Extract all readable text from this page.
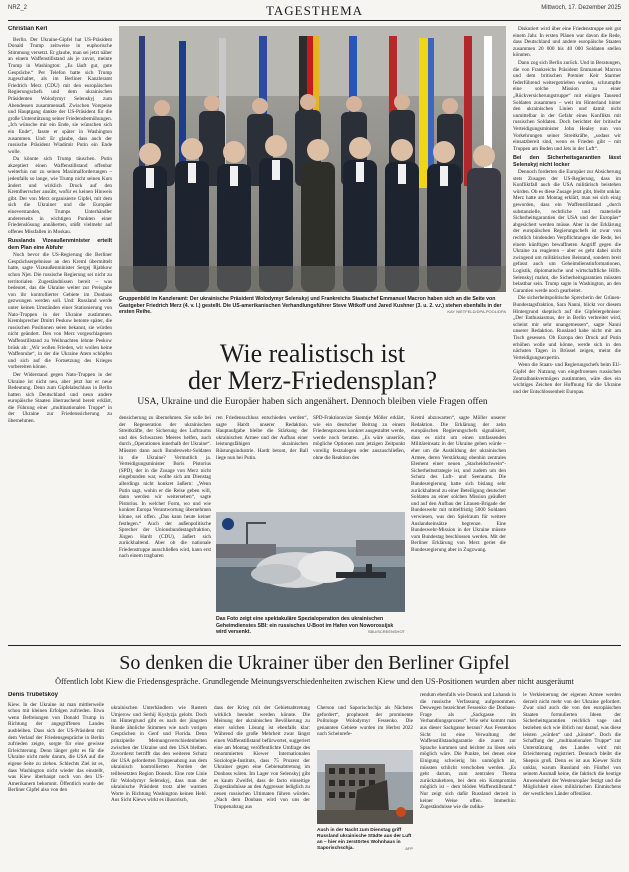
NRZ_2	TAGESTHEMA	Mittwoch, 17. Dezember 2025
Christian Kerl

Berlin. Der Ukraine-Gipfel hat US-Präsident Donald Trump zeitweise in euphorische Stimmung versetzt. Er glaube, man sei jetzt näher an einem Waffenstillstand als je zuvor, meinte Trump in Washington: „Es läuft gut, gute Gespräche.“ Per Telefon hatte sich Trump zugeschaltet, als im Berliner Kanzleramt Friedrich Merz (CDU) mit den europäischen Regierungschefs und dem ukrainischen Präsidenten Wolodymyr Selenskyj zum Abendessen zusammensaß. Zwischen Vorspeise und Hauptgang dankte der US-Präsident für die große Unterstützung seiner Friedensbemühungen. „Ich wünsche mir ein Ende, sie wünschen sich ein Ende“, fasste er später in Washington zusammen. Und: Er glaube, dass auch der russische Präsident Wladimir Putin ein Ende wolle.

Da könnte sich Trump täuschen. Putin akzeptiert einen Waffenstillstand offenbar weiterhin nur zu seinen Maximalforderungen – jedenfalls so lange, wie Trump nicht seinen Kurs ändert und wirklich Druck auf den Kremlherrscher ausübt, wofür es keinen Hinweis gibt. Der von Merz organisierte Gipfel, mit dem sich die Ukrainer und die Europäer eineverstanden, Trumps Unterhändler andererseits in wichtigen Punkten einer Friedenslösung annäherten, stößt vielmehr auf offenes Missfallen in Moskau.

Russlands Vizeaußenminister erteilt dem Plan eine Abfuhr

Noch bevor die US-Regierung die Berliner Gesprächsergebnisse an den Kreml übermittelt hatte, sagte Vizeaußenminister Sergej Rjabkow schon Njet. Die russische Regierung sei nicht zu territorialen Zugeständnissen bereit – was bedeutet, das die Ukraine weiter zur Preisgabe von ihr kontrollierter Gebiete im Donbass gezwungen werden soll. Und: Russland werde unter keinen Umständen einer Stationierung von Nato-Truppen in der Ukraine zustimmen. Kremlsprecher Dmitri Peskow betonte später, die russischen Positionen seien bekannt, sie würden nicht geändert. Den von Merz vorgeschlagenen Waffenstillstand zu Weihnachten lehnte Peskow brüsk ab: „Wir wollen Frieden, wir wollen keine Waffenruhe“, in der die Ukraine Atem schöpfen und sich auf die Fortsetzung des Krieges vorbereiten könne.

Der Widerstand gegen Nato-Truppen in der Ukraine ist nicht neu, aber jetzt hat er neue Bedeutung. Denn zum Gipfelabschluss in Berlin hatten sich Deutschland und neun andere europäische Staaten überraschend bereit erklärt, die Führung einer „multinationalen Truppe“ in der Ukraine zur Friedenssicherung zu übernehmen.

Gruppenbild im Kanzleramt: Der ukrainische Präsident Wolodymyr Selenskyj und Frankreichs Staatschef Emmanuel Macron haben sich an die Seite von Gastgeber Friedrich Merz (4. v. l.) gestellt. Die US-amerikanischen Verhandlungsführer Steve Witkoff und Jared Kushner (3. u. 2. v.r.) stehen ebenfalls in der ersten Reihe.	KAY NIETFELD/DPA-POOL/DPA
Wie realistisch ist
der Merz-Friedensplan?
USA, Ukraine und die Europäer haben sich angenähert. Dennoch bleiben viele Fragen offen

densicherung zu übernehmen. Sie solle bei der Regeneration der ukrainischen Streitkräfte, der Sicherung des Luftraums und des Schwarzen Meeres helfen, auch durch „Operationen innerhalb der Ukraine“. Müssten dann auch Bundeswehr-Soldaten in die Ukraine? Vermutlich ja. Verteidigungsminister Boris Pistorius (SPD), der in die Zusage von Merz nicht eingebunden war, wollte sich am Dienstag allerdings nicht konkret äußern: „Wenn Putin sagt, wohin er die Reise geben will, dann werden wir weitersehen“, sagte Pistorius. In welcher Form, wo und wie konkret Europa Verantwortung übernehmen könne, sei offen. „Das kann heute keiner festlegen.“ Auch der außenpolitische Sprecher der Unionsbundestagsfraktion, Jürgen Hardt (CDU), äußert sich zurückhaltend. Aber ob die nationale Friedenstruppe ausschließen wird, kann erst nach einem tragbaren

ren Friedensschluss entschieden werden“, sagte Hardt unserer Redaktion. Hauptaufgabe bleibe die Stärkung der ukrainischen Armee und der Aufbau einer leistungsfähigen ukrainischen Rüstungsindustrie. Hardt betont, der Ball liege nun bei Putin.

SPD-Fraktionsvize Siemtje Möller erklärt, wie ein deutscher Beitrag zu einem Friedensprozess konkret ausgestaltet werde, werde noch beraten. „Es wäre unseriös, mögliche Optionen zum jetzigen Zeitpunkt voreilig festzulegen oder auszuschließen, ohne die Reaktion des

Das Foto zeigt eine spektakuläre Spezialoperation des ukrainischen Geheimdienstes SBI: ein russisches U-Boot im Hafen von Noworossijsk wird versenkt.	SBU/SCREENSHOT

Kreml abzuwarten“, sagte Möller unserer Redaktion. Die Erklärung der zehn europäischen Regierungschefs signalisiert, dass es nicht um einen umfassenden Militäreinsatz in der Ukraine gehen würde – eher um die Ausbildung der ukrainischen Armee, deren Verstärkung obenhin zentrales Element einer neuen „Stacheldschwein“-Sicherheitsstrategie ist, und zudem um den Schutz des Luft- und Seeraums. Die Bundesregierung hatte sich bislang sehr zurückhaltend zu einer Beteiligung deutscher Soldaten an einer solchen Mission geäußert und auf den Aufbau der Litauen-Brigade der Bundeswehr mit mittelfristig 5000 Soldaten verwiesen, was den Spielraum für weitere Auslandseinsätze begrenze. Eine Bundeswehr-Mission in der Ukraine müsste vom Bundestag beschlossen werden. Mit der Berliner Erklärung von Merz geriet die Bundesregierung aber in Zugzwang.

Diskutiert wird über eine Friedenstruppe seit gut einem Jahr. In ersten Plänen war davon die Rede, dass Deutschland und andere europäische Staaten zusammen 20 000 bis 40 000 Soldaten stellen könnten.

Dann zog sich Berlin zurück. Und in Beratungen, die von Frankreichs Präsident Emmanuel Macron und dem britischen Premier Keir Starmer federführend weitergetrieben wurden, schrumpfte eine solche Mission zu einer „Rückversicherungstruppe“ mit einigen Tausend Soldaten zusammen – weit im Hinterland hinter den ukrainischen Linien und damit nicht unmittelbar in der Gefahr eines Konflikts mit russischen Soldaten. Doch berichtet der britische Verteidigungsminister John Healey nun von Vorkehrungen seiner Streitkräfte, „sodass wir einsatzbereit sind, wenn es Frieden gibt – mit Truppen am Boden und Jets in der Luft“.

Bei den Sicherheitsgarantien lässt Selenskyj nicht locker

Dennoch forderten die Europäer zur Absicherung stets Zusagen der US-Regierung, dass im Konfliktfall auch die USA militärisch beistehen würden. Ob es diese Zusage jetzt gibt, bleibt unklar. Merz hatte am Montag erklärt, man sei sich einig geworden, dass ein Waffenstillstand „durch substanzielle, rechtliche und materielle Sicherheitsgarantien der USA und der Europäer“ abgesichert werden müsse. Aber in der Erklärung der europäischen Regierungschefs ist zwar von rechtlich bindenden Verpflichtungen die Rede, bei einem künftigen bewaffneten Angriff gegen die Ukraine zu reagieren – aber es geht dabei nicht zwingend um militärischen Beistand, sondern breit gefasst auch um Geheimdienstinformationen, Logistik, diplomatische und wirtschaftliche Hilfe. Selenskyj mahnt, die Sicherheitsgarantien müssten belastbar sein. Trump sagte in Washington, an den Garantien werde noch gearbeitet.

Die sicherheitspolitische Sprecherin der Grünen-Bundestagsfraktion, Sara Nanni, blickt vor diesem Hintergrund skeptisch auf die Gipfelergebnisse: „Der Enthusiasmus, der in Berlin verbreitet wird, scheint mir sehr unangemessen“, sagte Nanni unserer Redaktion. Russland habe nicht mit am Tisch gesessen. Ob Europa den Druck auf Putin erhöhen wolle und könne, werde sich in den nächsten Tagen in Brüssel zeigen, meint die Verteidigungsexpertin.

Wenn die Staats- und Regierungschefs beim EU-Gipfel der Nutzung von eingefrorenen russischen Zentralbankvermögen zustimmten, wäre dies ein wichtiges Zeichen der Hoffnung für die Ukraine und der Entschlossenheit Europas.

So denken die Ukrainer über den Berliner Gipfel
Öffentlich lobt Kiew die Friedensgespräche. Grundlegende Meinungsverschiedenheiten zwischen Kiew und den US-Positionen wurden aber nicht ausgeräumt
Denis Trubetskoy

Kiew. In der Ukraine ist man mittlerweile schon mit kleinen Erfolgen zufrieden. Etwa wenn Befreiungen von Donald Trump in Richtung der angegriffenen Landes ausbleiben. Dass sich der US-Präsident mit dem Verlauf der Friedensgespräche in Berlin zufrieden zeigte, sorgte für eine gewisse Erleichterung. Denn länger geht es für die Ukraine nicht mehr darum, die USA auf die eigene Seite zu ziehen. Schlechts Ziel ist es, dass Washington nicht wieder das einstellt, was Kiew überhaupt noch von den US-Amerikanern bekommt. Öffentlich wurde der Berliner Gipfel also von den

ukrainischen Unterhändlern wie Rustem Umjerow und Serhij Kyslyzja gelobt. Doch im Hintergrund gibt es nach der jüngsten Runde ähnliche Stimmen wie nach vorigen Gesprächen in Genf und Florida. Denn prinzipielle Meinungsverschiedenheiten zwischen der Ukraine und den USA bleiben. Zuvorderst betrifft das den weiteren Schutz der USA geforderten Truppenabzug aus dem ukrainisch kontrollierten Norden der teilbesetzten Region Donezk. Eine rote Linie für Wolodymyr Selenskyj, dass man der ukrainische Präsident trotz aller warmen Worte in Richtung Washington keinen Hehl. Aus Sicht Kiews wirkt es illusorisch,

dass der Krieg mit der Gebietsabtretung wirklich beendet werden könnte. Die Meinung der ukrainischen Bevölkerung zu einer solchen Lösung ist ebenfalls klar: Während die große Mehrheit zwar längst einen Waffenstillstand befürwortet, suggeriert eine am Montag veröffentlichte Umfrage des renommierten Kiewer Internationalen Soziologie-Instituts, dass 75 Prozent der Ukrainer gegen eine Gebietsabtretung im Donbass wären. Im Lager von Selenskyj gibt es kaum Zweifel, dass de facto einseitige Zugeständnisse an den Aggressor lediglich zu neuen russischen Ultimaten führen würden. „Nach dem Donbass wird von uns der Truppenabzug aus

Cherson und Saporischschja als Nächstes gefordert“, prophezeit der prominente Politologe Wolodymyr Fessenko. Die genannten Gebiete wurden im Herbst 2022 nach Scheinrefe-

Auch in der Nacht zum Dienstag griff Russland ukrainische Städte aus der Luft an – hier ein zerstörtes Wohnhaus in Saporischschja.	AFP

rendum ebenfalls wie Donezk und Luhansk in die russische Verfassung aufgenommen. Deswegen bezeichnet Fessenko die Donbass-Frage als „Sackgasse im Verhandlungsprozess“. Wie sehr kommt man aus dieser Sackgasse heraus? Aus Fessenkos Sicht ist eine Verwaltung der Waffenstillstandsgarantie die zuerst zur Sprache kommen und leichter zu lösen sein möglich wäre. Die Punkte, bei denen eine Einigung schwierig bis unmöglich ist, müssten schlicht verschoben werden. „Es geht darum, zum zentralen Thema zurückzukehren, bei dem ein Kompromiss möglich ist – dem blöden Waffenstillstand.“ Nur zeigt sich dafür Russland derzeit in keiner Weise offen. Immerhin: Zugeständnisse wie die radika-

le Verkleinerung der eigenen Armee werden derzeit nicht mehr von der Ukraine gefordert. Zwar sind auch die von den europäischen Staaten formulierten Ideen der Sicherheitsgarantien reichlich vage und beziehen sich wie üblich nur darauf, was diese leisten „würden“ und „könnte“. Doch die Schaffung der „multinationalen Truppe“ zur Unterstützung des Landes wird mit Erleichterung registriert. Dennoch bleibt die Skepsis groß. Denn es ist aus Kiewer Sicht unklar, warum Russland ein Fünftel von seinem Ausmaß keine, die faktisch die heutige Anwesenheit der Westeuropäer festigt und die Möglichkeit eines militärischen Einmischens der westlichen Länder offenlässt.
